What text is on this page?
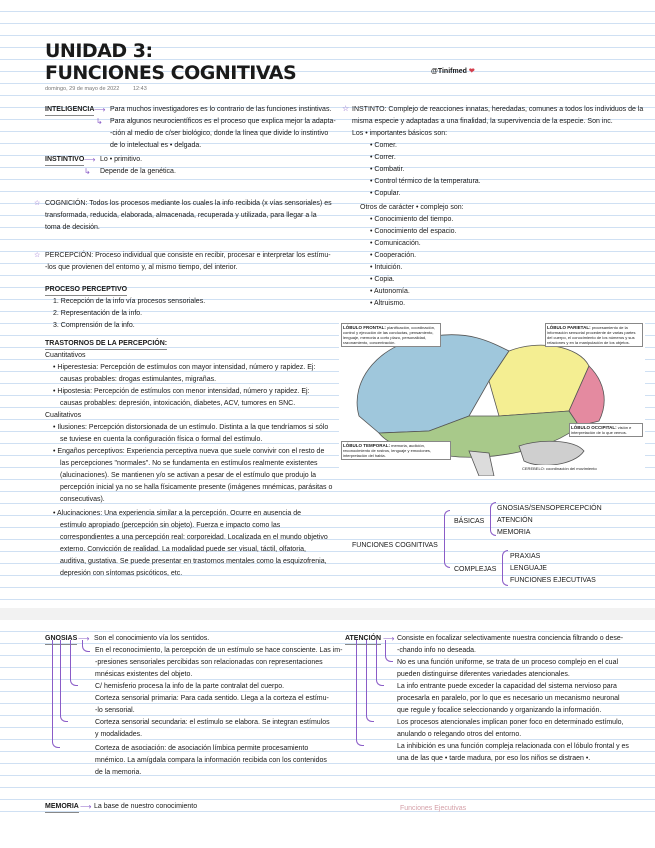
UNIDAD 3:
FUNCIONES COGNITIVAS
domingo, 29 de mayo de 2022 12:43
@Tinifmed ❤
INTELIGENCIA ⟶ Para muchos investigadores es lo contrario de las funciones instintivas.
↳ Para algunos neurocientíficos es el proceso que explica mejor la adapta-
-ción al medio de c/ser biológico, donde la línea que divide lo instintivo
de lo intelectual es • delgada.
INSTINTIVO ⟶ Lo • primitivo.
↳ Depende de la genética.
☆ COGNICIÓN: Todos los procesos mediante los cuales la info recibida (x vías sensoriales) es
transformada, reducida, elaborada, almacenada, recuperada y utilizada, para llegar a la
toma de decisión.
☆ PERCEPCIÓN: Proceso individual que consiste en recibir, procesar e interpretar los estímu-
-los que provienen del entorno y, al mismo tiempo, del interior.
PROCESO PERCEPTIVO
1. Recepción de la info vía procesos sensoriales.
2. Representación de la info.
3. Comprensión de la info.
TRASTORNOS DE LA PERCEPCIÓN:
Cuantitativos
• Hiperestesia: Percepción de estímulos con mayor intensidad, número y rapidez. Ej:
causas probables: drogas estimulantes, migrañas.
• Hipostesia: Percepción de estímulos con menor intensidad, número y rapidez. Ej:
causas probables: depresión, intoxicación, diabetes, ACV, tumores en SNC.
Cualitativos
• Ilusiones: Percepción distorsionada de un estímulo. Distinta a la que tendríamos si sólo
se tuviese en cuenta la configuración física o formal del estímulo.
• Engaños perceptivos: Experiencia perceptiva nueva que suele convivir con el resto de
las percepciones "normales". No se fundamenta en estímulos realmente existentes
(alucinaciones). Se mantienen y/o se activan a pesar de el estímulo que produjo la
percepción inicial ya no se halla físicamente presente (imágenes mnémicas, parásitas o
consecutivas).
• Alucinaciones: Una experiencia similar a la percepción. Ocurre en ausencia de
estímulo apropiado (percepción sin objeto). Fuerza e impacto como las
correspondientes a una percepción real: corporeidad. Localizada en el mundo objetivo
externo. Convicción de realidad. La modalidad puede ser visual, táctil, olfatoria,
auditiva, gustativa. Se puede presentar en trastornos mentales como la esquizofrenia,
depresión con síntomas psicóticos, etc.
☆ INSTINTO: Complejo de reacciones innatas, heredadas, comunes a todos los individuos de la
misma especie y adaptadas a una finalidad, la supervivencia de la especie. Son inc.
Los • importantes básicos son:
• Comer.
• Correr.
• Combatir.
• Control térmico de la temperatura.
• Copular.
Otros de carácter • complejo son:
• Conocimiento del tiempo.
• Conocimiento del espacio.
• Comunicación.
• Cooperación.
• Intuición.
• Copia.
• Autonomía.
• Altruismo.
LÓBULO FRONTAL: planificación, coordinación, control y ejecución de las conductas, pensamiento, lenguaje, memoria a corto plazo, personalidad, razonamiento, concentración.
LÓBULO PARIETAL: procesamiento de la información sensorial procedente de varias partes del cuerpo, el conocimiento de los números y sus relaciones y en la manipulación de los objetos.
LÓBULO OCCIPITAL: visión e interpretación de lo que vemos.
LÓBULO TEMPORAL: memoria, audición, reconocimiento de rostros, lenguaje y emociones, interpretación del habla.
CEREBELO: coordinación del movimiento
FUNCIONES COGNITIVAS
BÁSICAS
GNOSIAS/SENSOPERCEPCIÓN
ATENCIÓN
MEMORIA
COMPLEJAS
PRAXIAS
LENGUAJE
FUNCIONES EJECUTIVAS
GNOSIAS ⟶ Son el conocimiento vía los sentidos.
En el reconocimiento, la percepción de un estímulo se hace consciente. Las im-
-presiones sensoriales percibidas son relacionadas con representaciones
mnésicas existentes del objeto.
C/ hemisferio procesa la info de la parte contralat del cuerpo.
Corteza sensorial primaria: Para cada sentido. Llega a la corteza el estímu-
-lo sensorial.
Corteza sensorial secundaria: el estímulo se elabora. Se integran estímulos
y modalidades.
Corteza de asociación: de asociación límbica permite procesamiento
mnémico. La amígdala compara la información recibida con los contenidos
de la memoria.
ATENCIÓN ⟶ Consiste en focalizar selectivamente nuestra conciencia filtrando o dese-
-chando info no deseada.
No es una función uniforme, se trata de un proceso complejo en el cual
pueden distinguirse diferentes variedades atencionales.
La info entrante puede exceder la capacidad del sistema nervioso para
procesarla en paralelo, por lo que es necesario un mecanismo neuronal
que regule y focalice seleccionando y organizando la información.
Los procesos atencionales implican poner foco en determinado estímulo,
anulando o relegando otros del entorno.
La inhibición es una función compleja relacionada con el lóbulo frontal y es
una de las que • tarde madura, por eso los niños se distraen •.
MEMORIA ⟶ La base de nuestro conocimiento	Funciones Ejecutivas
